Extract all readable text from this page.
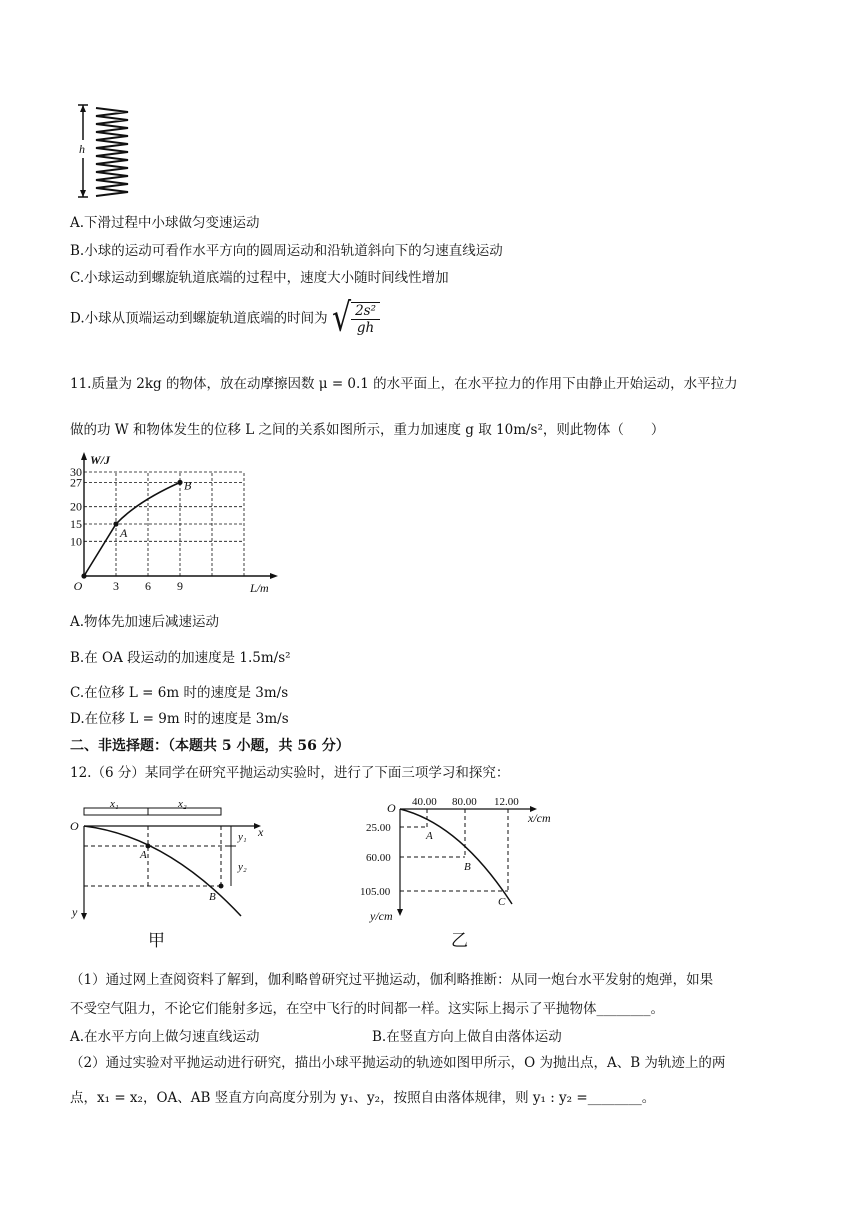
h
A.下滑过程中小球做匀变速运动
B.小球的运动可看作水平方向的圆周运动和沿轨道斜向下的匀速直线运动
C.小球运动到螺旋轨道底端的过程中，速度大小随时间线性增加
D.小球从顶端运动到螺旋轨道底端的时间为 √ $\frac{\text{2s²}}{gh}$
11.质量为 2kg 的物体，放在动摩擦因数 μ = 0.1 的水平面上，在水平拉力的作用下由静止开始运动，水平拉力
做的功 W 和物体发生的位移 L 之间的关系如图所示，重力加速度 g 取 10m/s²，则此物体（　　）
10
15
20
27
30
O	3 6 9
A
B
W/J
L/m
A.物体先加速后减速运动
B.在 OA 段运动的加速度是 1.5m/s²
C.在位移 L = 6m 时的速度是 3m/s
D.在位移 L = 9m 时的速度是 3m/s
二、非选择题：（本题共 5 小题，共 56 分）
12.（6 分）某同学在研究平抛运动实验时，进行了下面三项学习和探究：
x₁	x₂
y₁
y₂
O	x
y
A
B
甲
O 40.00 80.00 12.00
x/cm
25.00
60.00
105.00
y/cm
A
B
C
乙
（1）通过网上查阅资料了解到，伽利略曾研究过平抛运动，伽利略推断：从同一炮台水平发射的炮弹，如果
不受空气阻力，不论它们能射多远，在空中飞行的时间都一样。这实际上揭示了平抛物体________。
A.在水平方向上做匀速直线运动	B.在竖直方向上做自由落体运动
（2）通过实验对平抛运动进行研究，描出小球平抛运动的轨迹如图甲所示，O 为抛出点，A、B 为轨迹上的两
点，x₁ = x₂，OA、AB 竖直方向高度分别为 y₁、y₂，按照自由落体规律，则 y₁ : y₂ =________。
